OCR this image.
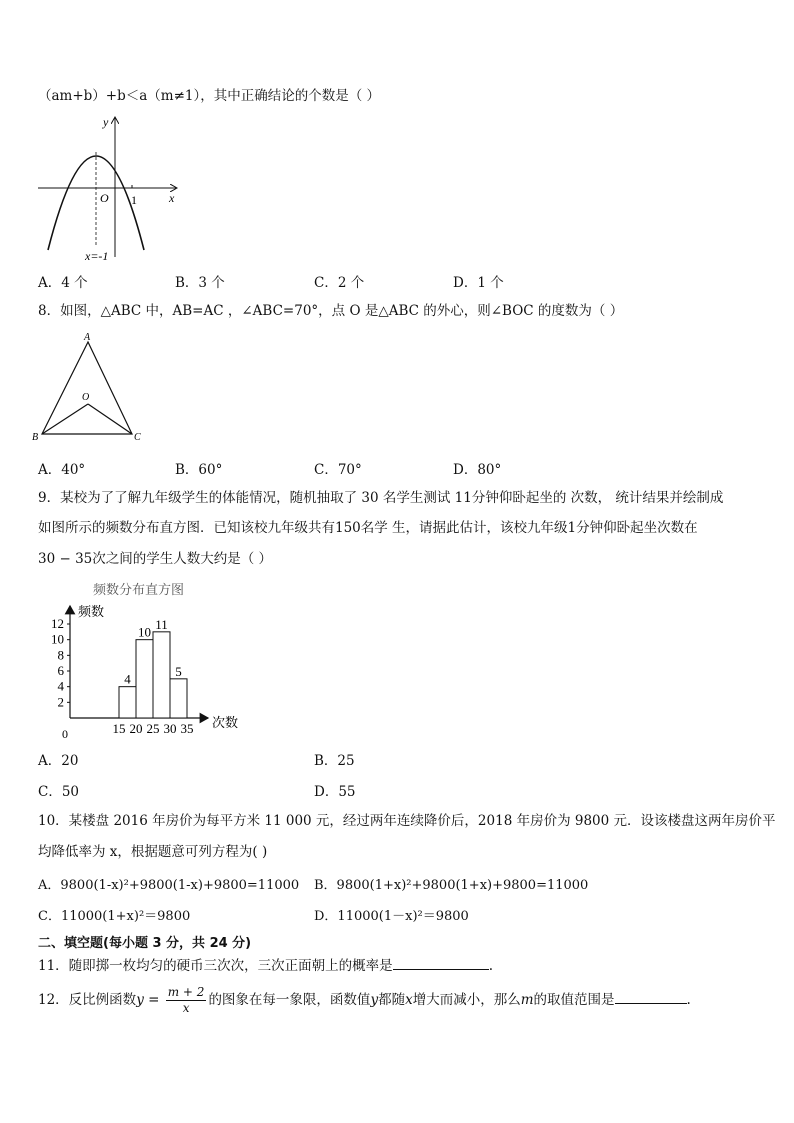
（am+b）+b＜a（m≠1），其中正确结论的个数是（ ）
y
x
O 1
x=-1
A．4 个	B．3 个	C．2 个	D．1 个
8．如图，△ABC 中，AB=AC ，∠ABC=70°，点 O 是△ABC 的外心，则∠BOC 的度数为（ ）
A
B	C
O
A．40°	B．60°	C．70°	D．80°
9．某校为了了解九年级学生的体能情况，随机抽取了 30 名学生测试 11分钟仰卧起坐的 次数， 统计结果并绘制成
如图所示的频数分布直方图．已知该校九年级共有150名学 生，请据此估计，该校九年级1分钟仰卧起坐次数在
30 − 35次之间的学生人数大约是（ ）
频数分布直方图
频数
次数
0
2
4
6
8
10
12
4
10
11
5
15 20 25 30 35
A．20	B．25
C．50	D．55
10．某楼盘 2016 年房价为每平方米 11 000 元，经过两年连续降价后，2018 年房价为 9800 元．设该楼盘这两年房价平
均降低率为 x，根据题意可列方程为( )
A．9800(1-x)²+9800(1-x)+9800=11000 B．9800(1+x)²+9800(1+x)+9800=11000
C．11000(1+x)²＝9800	D．11000(1－x)²＝9800
二、填空题(每小题 3 分，共 24 分)
11．随即掷一枚均匀的硬币三次次，三次正面朝上的概率是	.
12．反比例函数$y = \frac{m + 2}{x}$ 的图象在每一象限，函数值y都随x增大而减小，那么m的取值范围是	.
